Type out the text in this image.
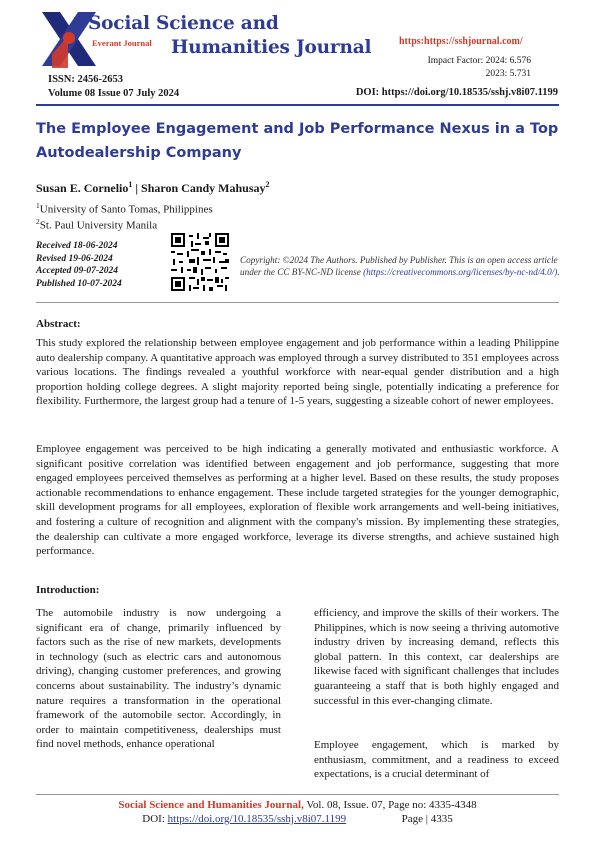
Social Science and
Everant Journal Humanities Journal
ISSN: 2456-2653
Volume 08 Issue 07 July 2024
https:https://sshjournal.com/
Impact Factor: 2024: 6.576
2023: 5.731
DOI: https://doi.org/10.18535/sshj.v8i07.1199
The Employee Engagement and Job Performance Nexus in a Top Autodealership Company
Susan E. Cornelio$^1$ | Sharon Candy Mahusay$^2$
$^1$University of Santo Tomas, Philippines
$^2$St. Paul University Manila
Received 18-06-2024
Revised 19-06-2024
Accepted 09-07-2024
Published 10-07-2024
Copyright: ©2024 The Authors. Published by Publisher. This is an open access article under the CC BY-NC-ND license (https://creativecommons.org/licenses/by-nc-nd/4.0/).
Abstract:
This study explored the relationship between employee engagement and job performance within a leading Philippine auto dealership company. A quantitative approach was employed through a survey distributed to 351 employees across various locations. The findings revealed a youthful workforce with near-equal gender distribution and a high proportion holding college degrees. A slight majority reported being single, potentially indicating a preference for flexibility. Furthermore, the largest group had a tenure of 1-5 years, suggesting a sizeable cohort of newer employees.
Employee engagement was perceived to be high indicating a generally motivated and enthusiastic workforce. A significant positive correlation was identified between engagement and job performance, suggesting that more engaged employees perceived themselves as performing at a higher level. Based on these results, the study proposes actionable recommendations to enhance engagement. These include targeted strategies for the younger demographic, skill development programs for all employees, exploration of flexible work arrangements and well-being initiatives, and fostering a culture of recognition and alignment with the company's mission. By implementing these strategies, the dealership can cultivate a more engaged workforce, leverage its diverse strengths, and achieve sustained high performance.
Introduction:
The automobile industry is now undergoing a significant era of change, primarily influenced by factors such as the rise of new markets, developments in technology (such as electric cars and autonomous driving), changing customer preferences, and growing concerns about sustainability. The industry’s dynamic nature requires a transformation in the operational framework of the automobile sector. Accordingly, in order to maintain competitiveness, dealerships must find novel methods, enhance operational
efficiency, and improve the skills of their workers. The Philippines, which is now seeing a thriving automotive industry driven by increasing demand, reflects this global pattern. In this context, car dealerships are likewise faced with significant challenges that includes guaranteeing a staff that is both highly engaged and successful in this ever-changing climate.
Employee engagement, which is marked by enthusiasm, commitment, and a readiness to exceed expectations, is a crucial determinant of
Social Science and Humanities Journal, Vol. 08, Issue. 07, Page no: 4335-4348
DOI: https://doi.org/10.18535/sshj.v8i07.1199	Page | 4335
